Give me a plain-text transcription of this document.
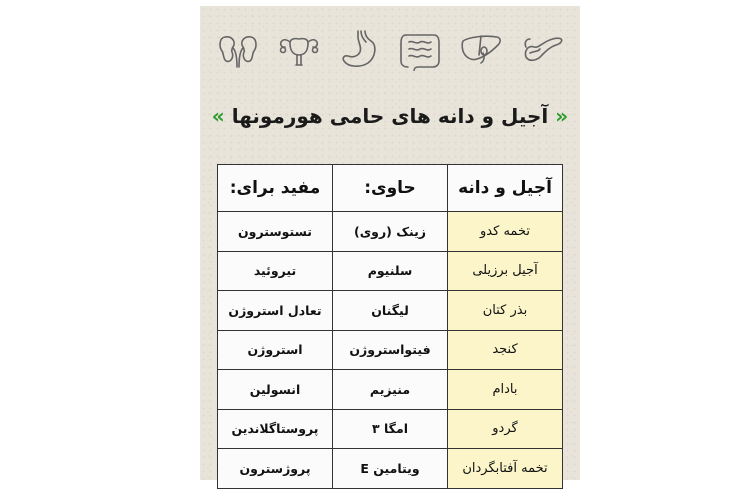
« آجیل و دانه های حامی هورمونها »
آجیل و دانه	حاوی:	مفید برای:
تخمه کدو	زینک (روی)	تستوسترون
آجیل برزیلی	سلنیوم	تیروئید
بذر کتان	لیگنان	تعادل استروژن
کنجد	فیتواستروژن	استروژن
بادام	منیزیم	انسولین
گردو	امگا ۳	پروستاگلاندین
تخمه آفتابگردان	ویتامین E	پروژسترون
